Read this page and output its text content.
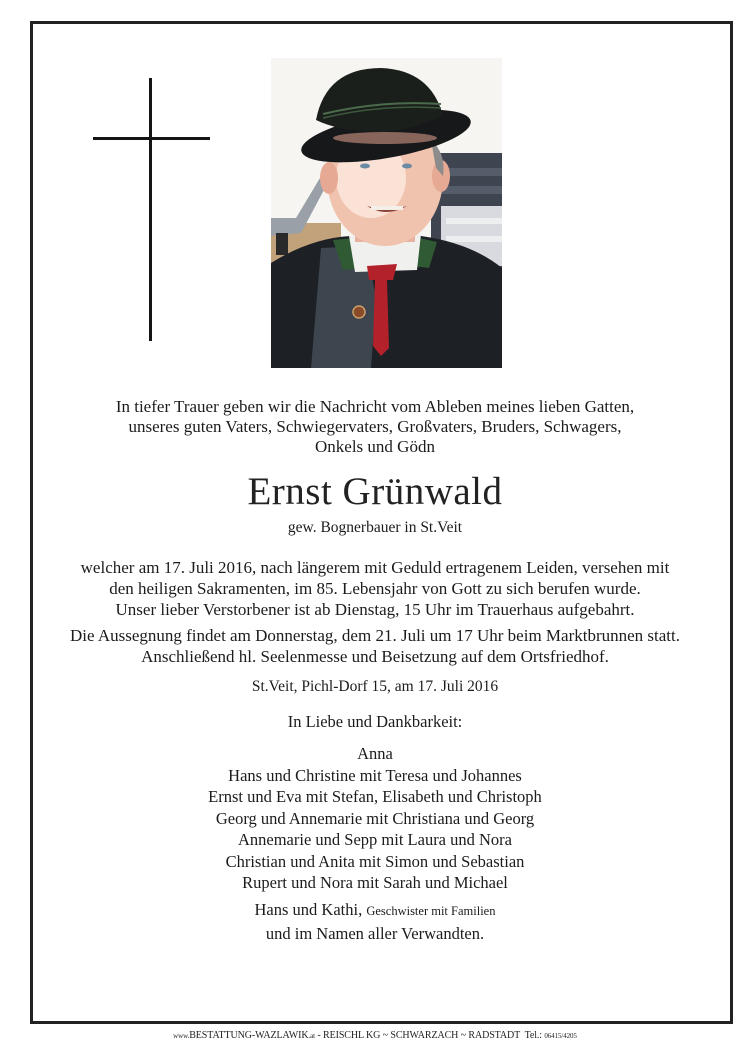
In tiefer Trauer geben wir die Nachricht vom Ableben meines lieben Gatten,
unseres guten Vaters, Schwiegervaters, Großvaters, Bruders, Schwagers,
Onkels und Gödn
Ernst Grünwald
gew. Bognerbauer in St.Veit
welcher am 17. Juli 2016, nach längerem mit Geduld ertragenem Leiden, versehen mit
den heiligen Sakramenten, im 85. Lebensjahr von Gott zu sich berufen wurde.
Unser lieber Verstorbener ist ab Dienstag, 15 Uhr im Trauerhaus aufgebahrt.
Die Aussegnung findet am Donnerstag, dem 21. Juli um 17 Uhr beim Marktbrunnen statt.
Anschließend hl. Seelenmesse und Beisetzung auf dem Ortsfriedhof.
St.Veit, Pichl-Dorf 15, am 17. Juli 2016
In Liebe und Dankbarkeit:
Anna
Hans und Christine mit Teresa und Johannes
Ernst und Eva mit Stefan, Elisabeth und Christoph
Georg und Annemarie mit Christiana und Georg
Annemarie und Sepp mit Laura und Nora
Christian und Anita mit Simon und Sebastian
Rupert und Nora mit Sarah und Michael
Hans und Kathi, Geschwister mit Familien
und im Namen aller Verwandten.
www.BESTATTUNG-WAZLAWIK.at - REISCHL KG ~ SCHWARZACH ~ RADSTADT  Tel.: 06415/4205
